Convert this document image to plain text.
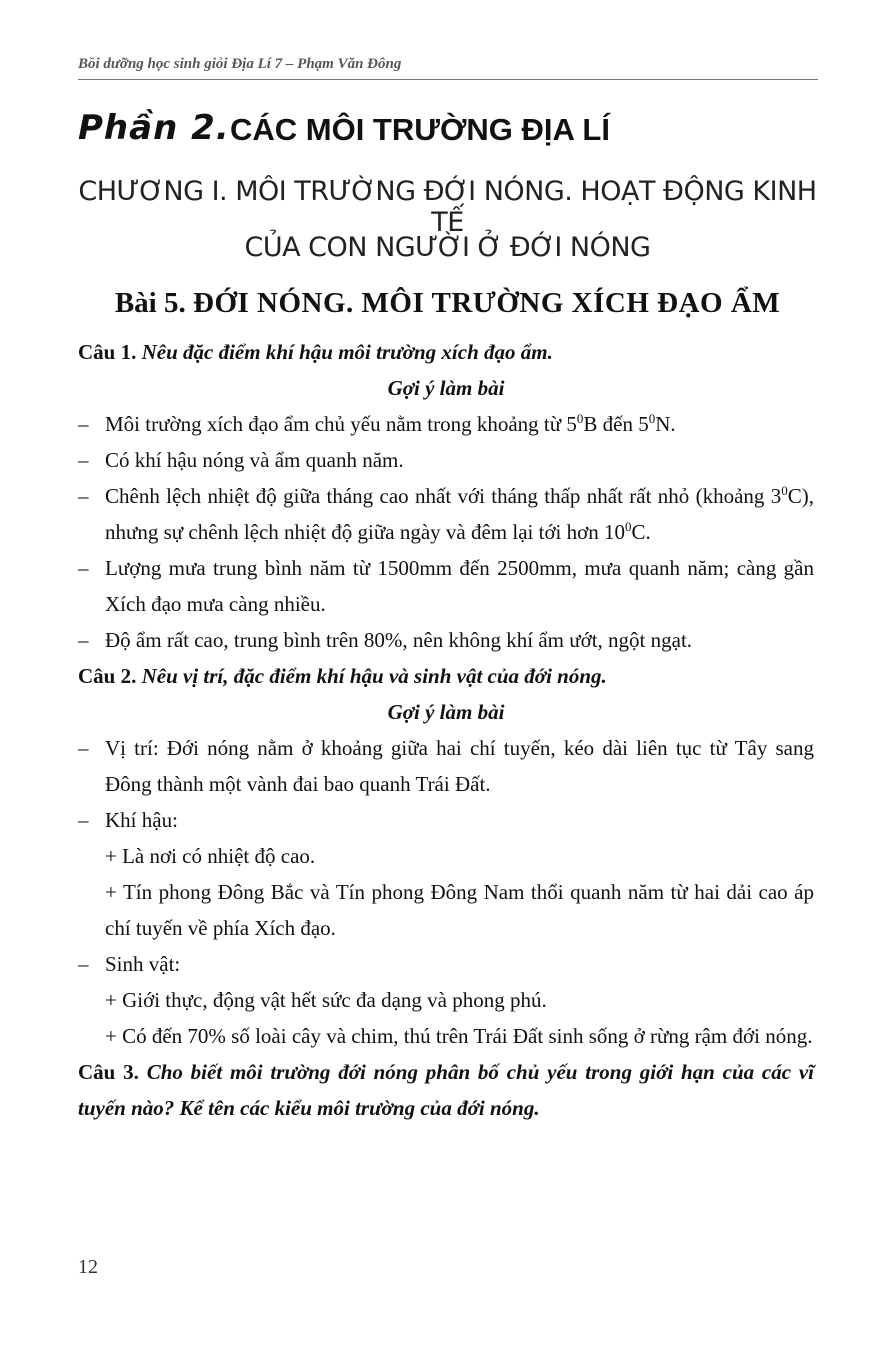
Bồi dưỡng học sinh giỏi Địa Lí 7 – Phạm Văn Đông
Phần 2. CÁC MÔI TRƯỜNG ĐỊA LÍ
CHƯƠNG I. MÔI TRƯỜNG ĐỚI NÓNG. HOẠT ĐỘNG KINH TẾ
CỦA CON NGƯỜI Ở ĐỚI NÓNG
Bài 5. ĐỚI NÓNG. MÔI TRƯỜNG XÍCH ĐẠO ẨM

Câu 1. Nêu đặc điểm khí hậu môi trường xích đạo ẩm.

Gợi ý làm bài

– Môi trường xích đạo ẩm chủ yếu nằm trong khoảng từ $5^0B$ đến $5^0N$.

– Có khí hậu nóng và ẩm quanh năm.

– Chênh lệch nhiệt độ giữa tháng cao nhất với tháng thấp nhất rất nhỏ (khoảng $3^0C$), nhưng sự chênh lệch nhiệt độ giữa ngày và đêm lại tới hơn $10^0C$.

– Lượng mưa trung bình năm từ 1500mm đến 2500mm, mưa quanh năm; càng gần Xích đạo mưa càng nhiều.

– Độ ẩm rất cao, trung bình trên 80%, nên không khí ẩm ướt, ngột ngạt.

Câu 2. Nêu vị trí, đặc điểm khí hậu và sinh vật của đới nóng.

Gợi ý làm bài

– Vị trí: Đới nóng nằm ở khoảng giữa hai chí tuyến, kéo dài liên tục từ Tây sang Đông thành một vành đai bao quanh Trái Đất.

– Khí hậu:

+ Là nơi có nhiệt độ cao.

+ Tín phong Đông Bắc và Tín phong Đông Nam thổi quanh năm từ hai dải cao áp chí tuyến về phía Xích đạo.

– Sinh vật:

+ Giới thực, động vật hết sức đa dạng và phong phú.

+ Có đến 70% số loài cây và chim, thú trên Trái Đất sinh sống ở rừng rậm đới nóng.

Câu 3. Cho biết môi trường đới nóng phân bố chủ yếu trong giới hạn của các vĩ tuyến nào? Kể tên các kiểu môi trường của đới nóng.

12
